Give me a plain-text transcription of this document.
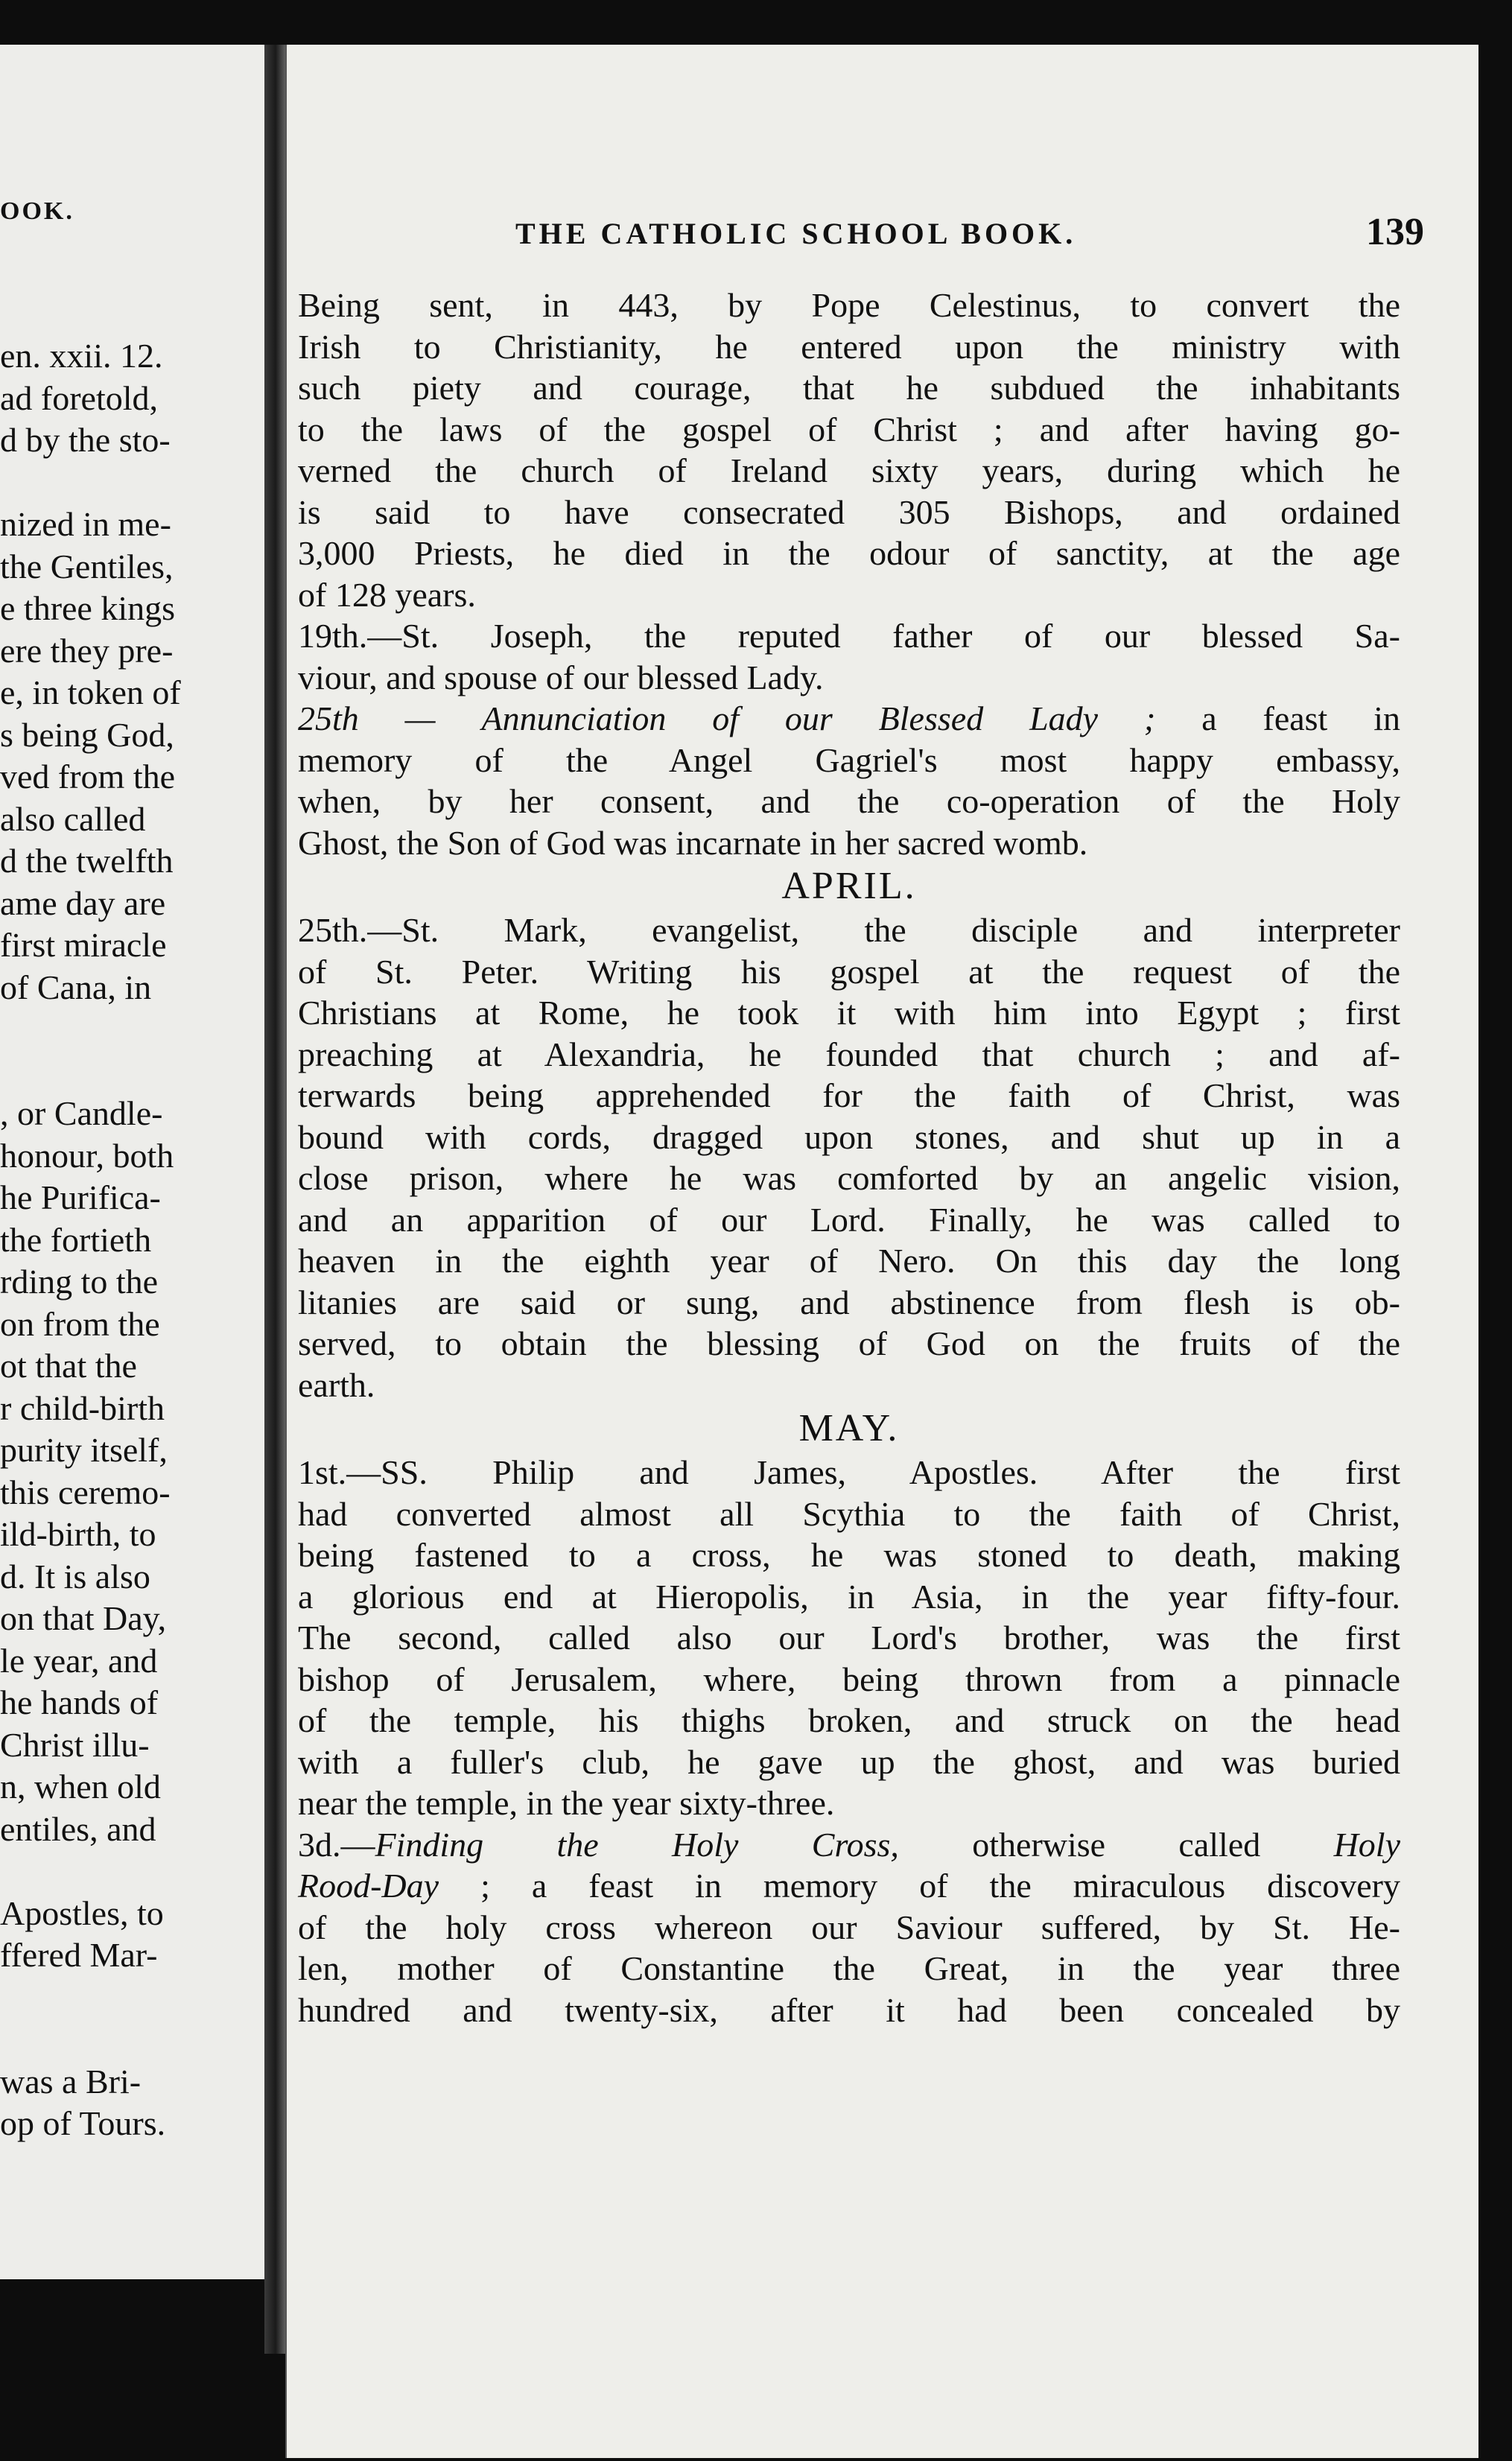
OOK.
en. xxii. 12.
ad foretold,
d by the sto-
nized in me-
the Gentiles,
e three kings
ere they pre-
e, in token of
s being God,
ved from the
also called
d the twelfth
ame day are
first miracle
of Cana, in
, or Candle-
honour, both
he Purifica-
the fortieth
rding to the
on from the
ot that the
r child-birth
purity itself,
this ceremo-
ild-birth, to
d. It is also
on that Day,
le year, and
he hands of
Christ illu-
n, when old
entiles, and
Apostles, to
ffered Mar-
was a Bri-
op of Tours.
THE CATHOLIC SCHOOL BOOK.	139
Being sent, in 443, by Pope Celestinus, to convert the
Irish to Christianity, he entered upon the ministry with
such piety and courage, that he subdued the inhabitants
to the laws of the gospel of Christ ; and after having go-
verned the church of Ireland sixty years, during which he
is said to have consecrated 305 Bishops, and ordained
3,000 Priests, he died in the odour of sanctity, at the age
of 128 years.
19th.—St. Joseph, the reputed father of our blessed Sa-
viour, and spouse of our blessed Lady.
25th — Annunciation of our Blessed Lady ; a feast in
memory of the Angel Gagriel's most happy embassy,
when, by her consent, and the co-operation of the Holy
Ghost, the Son of God was incarnate in her sacred womb.
APRIL.
25th.—St. Mark, evangelist, the disciple and interpreter
of St. Peter. Writing his gospel at the request of the
Christians at Rome, he took it with him into Egypt ; first
preaching at Alexandria, he founded that church ; and af-
terwards being apprehended for the faith of Christ, was
bound with cords, dragged upon stones, and shut up in a
close prison, where he was comforted by an angelic vision,
and an apparition of our Lord. Finally, he was called to
heaven in the eighth year of Nero. On this day the long
litanies are said or sung, and abstinence from flesh is ob-
served, to obtain the blessing of God on the fruits of the
earth.
MAY.
1st.—SS. Philip and James, Apostles. After the first
had converted almost all Scythia to the faith of Christ,
being fastened to a cross, he was stoned to death, making
a glorious end at Hieropolis, in Asia, in the year fifty-four.
The second, called also our Lord's brother, was the first
bishop of Jerusalem, where, being thrown from a pinnacle
of the temple, his thighs broken, and struck on the head
with a fuller's club, he gave up the ghost, and was buried
near the temple, in the year sixty-three.
3d.—Finding the Holy Cross, otherwise called Holy
Rood-Day ; a feast in memory of the miraculous discovery
of the holy cross whereon our Saviour suffered, by St. He-
len, mother of Constantine the Great, in the year three
hundred and twenty-six, after it had been concealed by
